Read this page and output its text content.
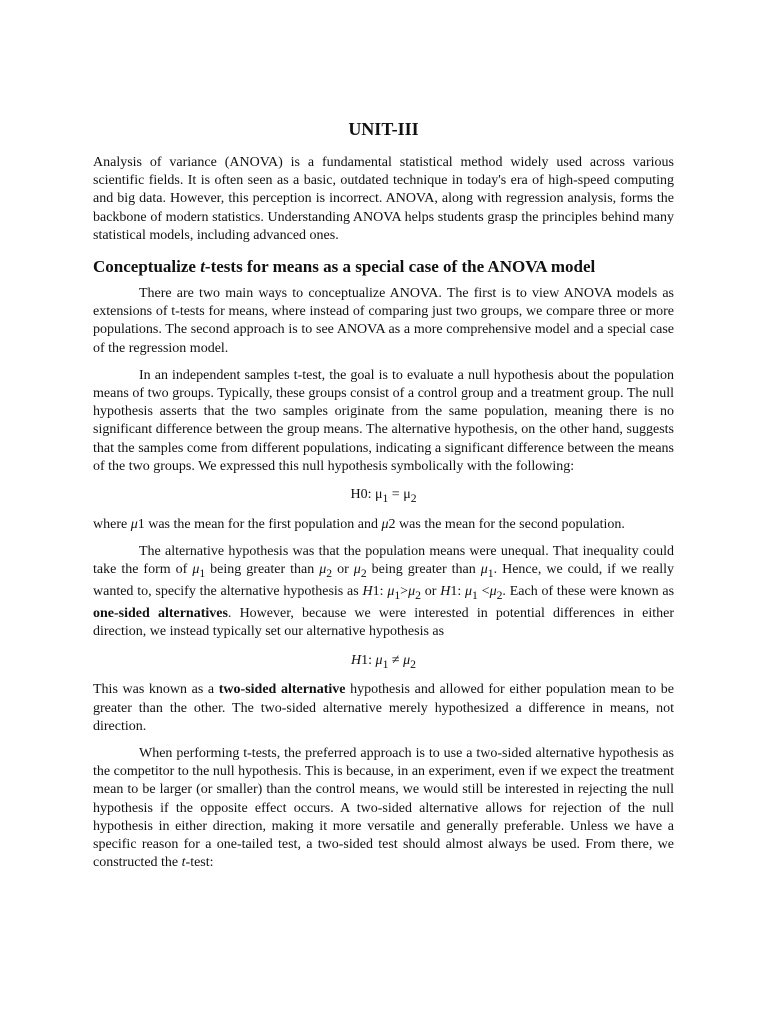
UNIT-III

Analysis of variance (ANOVA) is a fundamental statistical method widely used across various scientific fields. It is often seen as a basic, outdated technique in today's era of high-speed computing and big data. However, this perception is incorrect. ANOVA, along with regression analysis, forms the backbone of modern statistics. Understanding ANOVA helps students grasp the principles behind many statistical models, including advanced ones.

Conceptualize t-tests for means as a special case of the ANOVA model

There are two main ways to conceptualize ANOVA. The first is to view ANOVA models as extensions of t-tests for means, where instead of comparing just two groups, we compare three or more populations. The second approach is to see ANOVA as a more comprehensive model and a special case of the regression model.

In an independent samples t-test, the goal is to evaluate a null hypothesis about the population means of two groups. Typically, these groups consist of a control group and a treatment group. The null hypothesis asserts that the two samples originate from the same population, meaning there is no significant difference between the group means. The alternative hypothesis, on the other hand, suggests that the samples come from different populations, indicating a significant difference between the means of the two groups. We expressed this null hypothesis symbolically with the following:

H0: $\mu_1 = \mu_2$

where μ1 was the mean for the first population and μ2 was the mean for the second population.

The alternative hypothesis was that the population means were unequal. That inequality could take the form of $\mu_1$ being greater than $\mu_2$ or $\mu_2$ being greater than $\mu_1$. Hence, we could, if we really wanted to, specify the alternative hypothesis as H1: $\mu_1>\mu_2$ or H1: $\mu_1 <\mu_2$. Each of these were known as one-sided alternatives. However, because we were interested in potential differences in either direction, we instead typically set our alternative hypothesis as

H1: $\mu_1 \ne \mu_2$

This was known as a two-sided alternative hypothesis and allowed for either population mean to be greater than the other. The two-sided alternative merely hypothesized a difference in means, not direction.

When performing t-tests, the preferred approach is to use a two-sided alternative hypothesis as the competitor to the null hypothesis. This is because, in an experiment, even if we expect the treatment mean to be larger (or smaller) than the control means, we would still be interested in rejecting the null hypothesis if the opposite effect occurs. A two-sided alternative allows for rejection of the null hypothesis in either direction, making it more versatile and generally preferable. Unless we have a specific reason for a one-tailed test, a two-sided test should almost always be used. From there, we constructed the t-test:
